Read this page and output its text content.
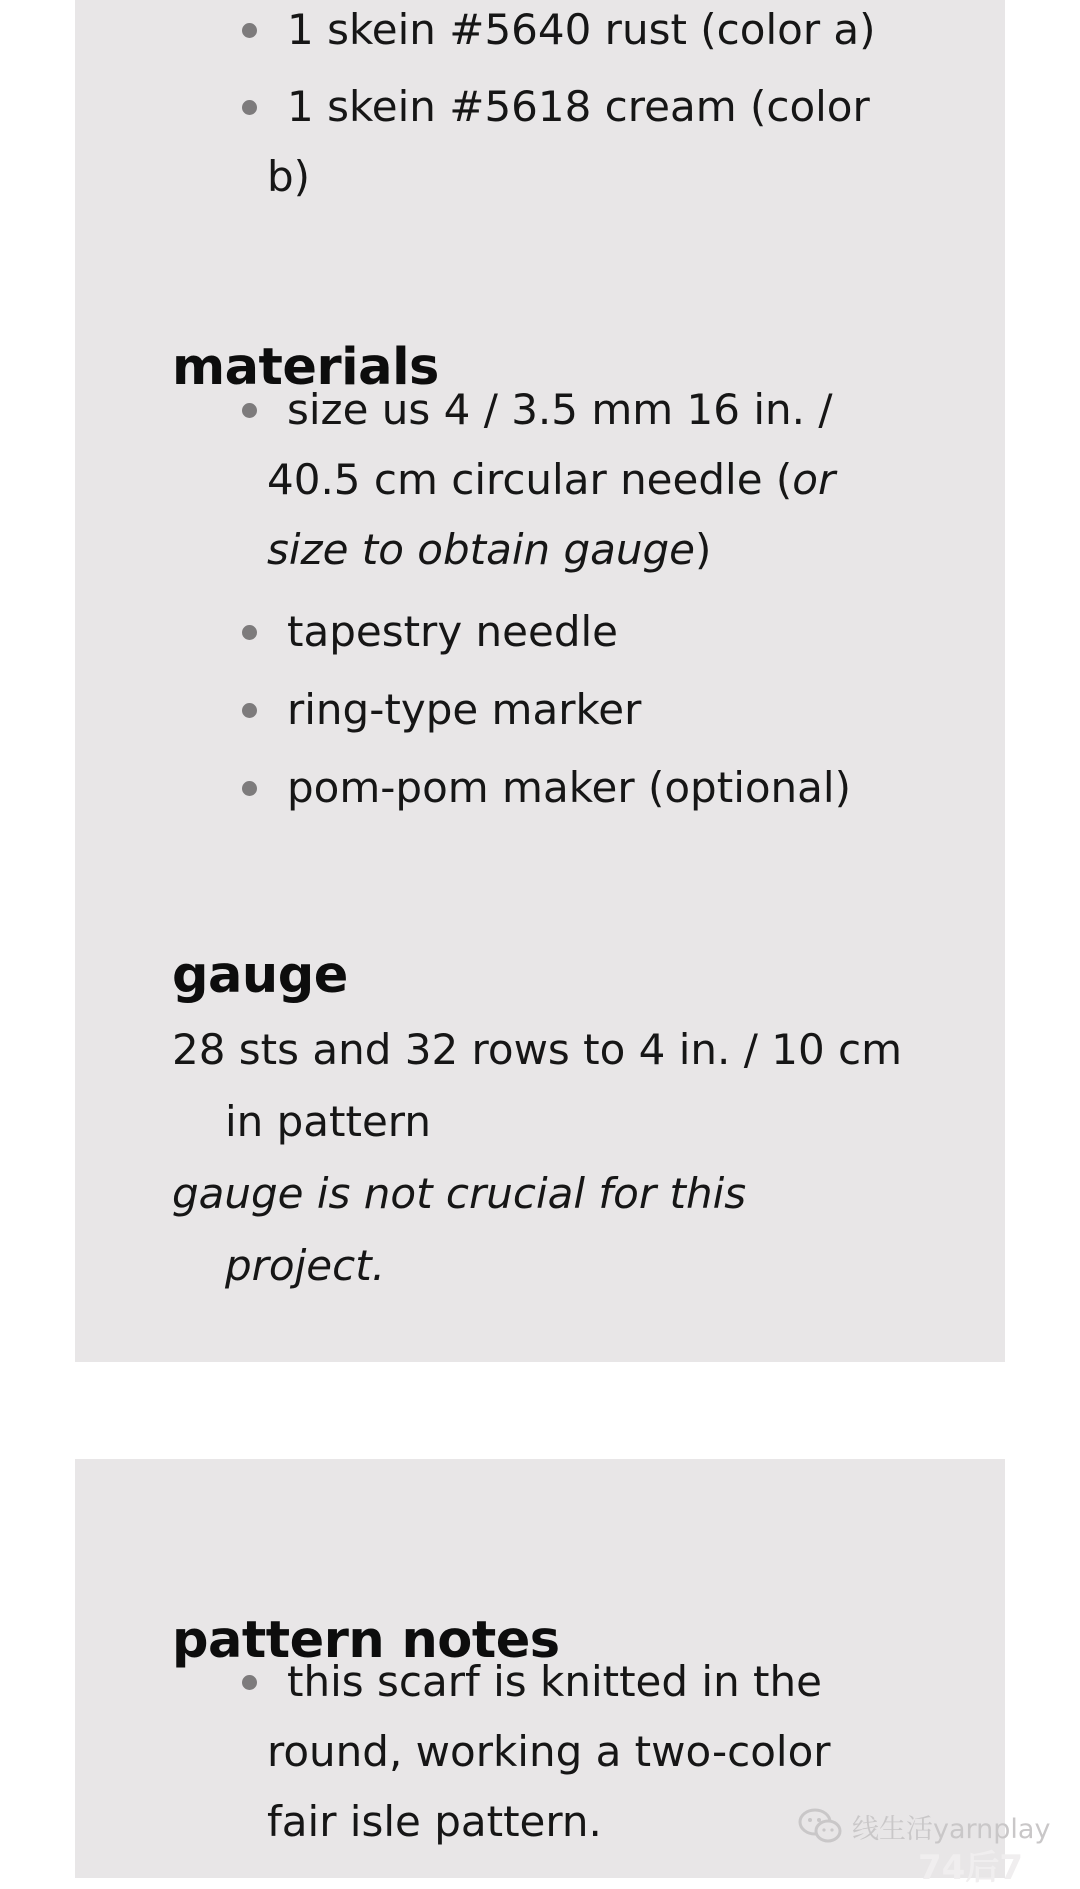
1 skein #5640 rust (color a)
1 skein #5618 cream (color b)
materials
size us 4 / 3.5 mm 16 in. / 40.5 cm circular needle (or size to obtain gauge)
tapestry needle
ring-type marker
pom-pom maker (optional)
gauge

28 sts and 32 rows to 4 in. / 10 cm in pattern

gauge is not crucial for this project.

pattern notes
this scarf is knitted in the round, working a two-color fair isle pattern.	线生活yarnplay
74后7
